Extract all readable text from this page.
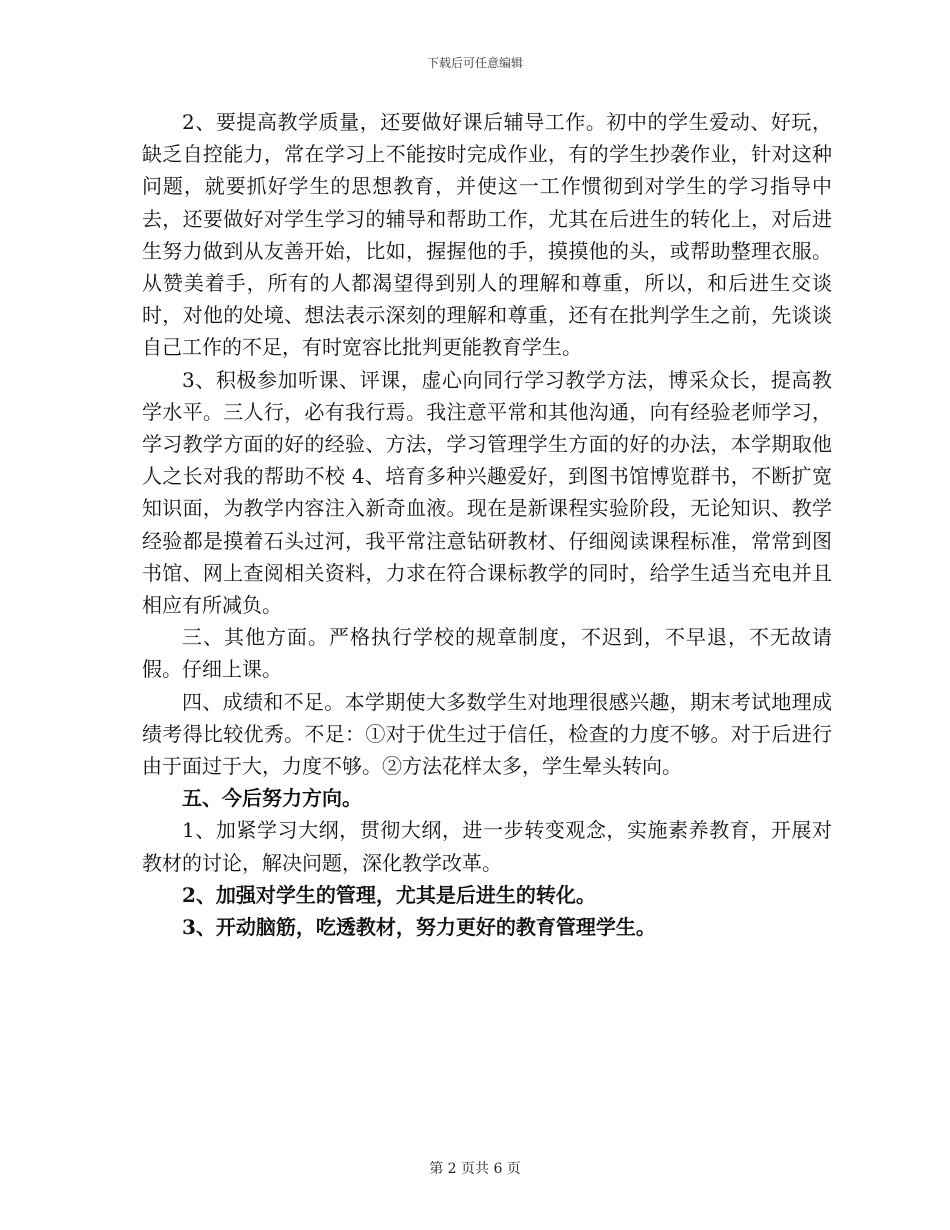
下载后可任意编辑

2、要提高教学质量，还要做好课后辅导工作。初中的学生爱动、好玩，缺乏自控能力，常在学习上不能按时完成作业，有的学生抄袭作业，针对这种问题，就要抓好学生的思想教育，并使这一工作惯彻到对学生的学习指导中去，还要做好对学生学习的辅导和帮助工作，尤其在后进生的转化上，对后进生努力做到从友善开始，比如，握握他的手，摸摸他的头，或帮助整理衣服。从赞美着手，所有的人都渴望得到别人的理解和尊重，所以，和后进生交谈时，对他的处境、想法表示深刻的理解和尊重，还有在批判学生之前，先谈谈自己工作的不足，有时宽容比批判更能教育学生。

3、积极参加听课、评课，虚心向同行学习教学方法，博采众长，提高教学水平。三人行，必有我行焉。我注意平常和其他沟通，向有经验老师学习，学习教学方面的好的经验、方法，学习管理学生方面的好的办法，本学期取他人之长对我的帮助不校 4、培育多种兴趣爱好，到图书馆博览群书，不断扩宽知识面，为教学内容注入新奇血液。现在是新课程实验阶段，无论知识、教学经验都是摸着石头过河，我平常注意钻研教材、仔细阅读课程标准，常常到图书馆、网上查阅相关资料，力求在符合课标教学的同时，给学生适当充电并且相应有所减负。

三、其他方面。严格执行学校的规章制度，不迟到，不早退，不无故请假。仔细上课。

四、成绩和不足。本学期使大多数学生对地理很感兴趣，期末考试地理成绩考得比较优秀。不足：①对于优生过于信任，检查的力度不够。对于后进行由于面过于大，力度不够。②方法花样太多，学生晕头转向。

五、今后努力方向。

1、加紧学习大纲，贯彻大纲，进一步转变观念，实施素养教育，开展对教材的讨论，解决问题，深化教学改革。

2、加强对学生的管理，尤其是后进生的转化。

3、开动脑筋，吃透教材，努力更好的教育管理学生。

第 2 页共 6 页
